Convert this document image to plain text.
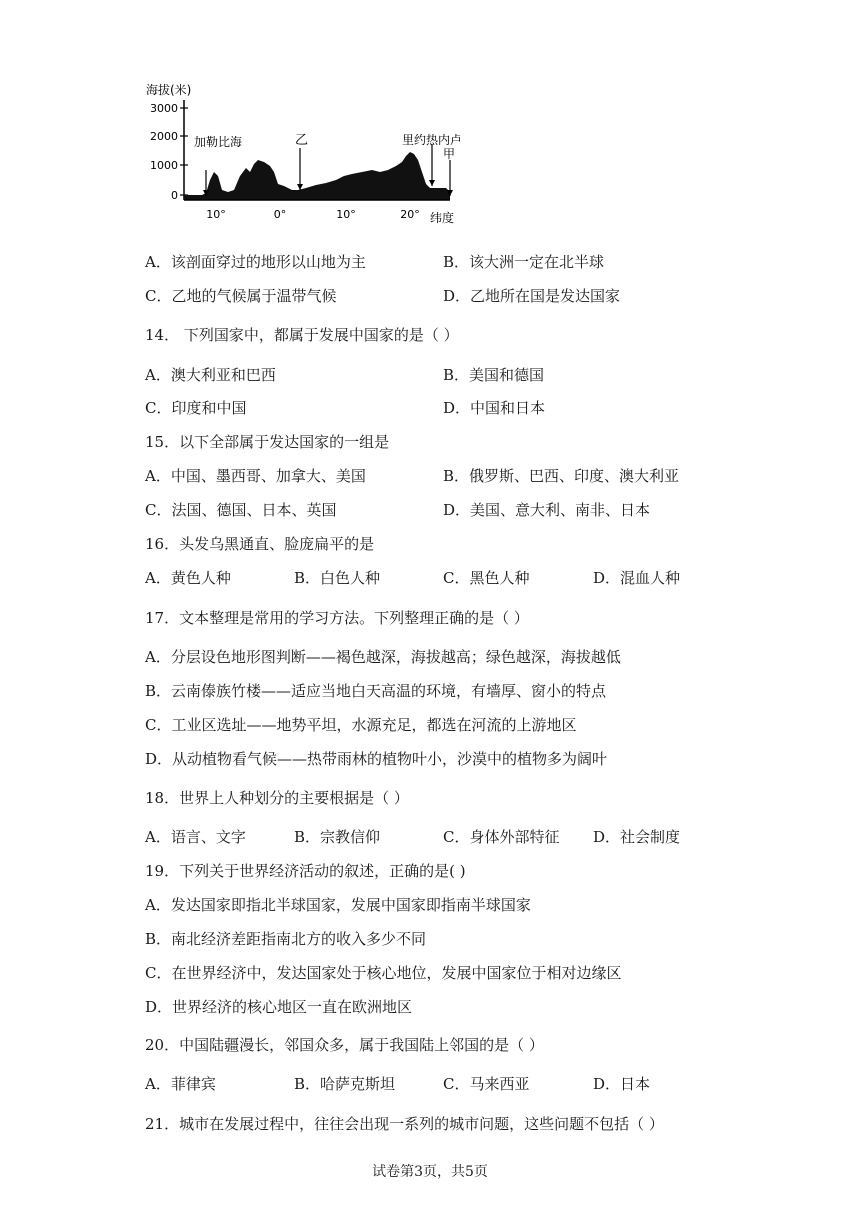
海拔(米)
3000
2000
1000
0
加勒比海	乙	里约热内卢
甲
10°	0°	10°	20° 纬度
A．该剖面穿过的地形以山地为主	B．该大洲一定在北半球
C．乙地的气候属于温带气候	D．乙地所在国是发达国家
14． 下列国家中，都属于发展中国家的是（ ）
A．澳大利亚和巴西	B．美国和德国
C．印度和中国	D．中国和日本
15．以下全部属于发达国家的一组是
A．中国、墨西哥、加拿大、美国	B．俄罗斯、巴西、印度、澳大利亚
C．法国、德国、日本、英国	D．美国、意大利、南非、日本
16．头发乌黑通直、脸庞扁平的是
A．黄色人种	B．白色人种	C．黑色人种	D．混血人种
17．文本整理是常用的学习方法。下列整理正确的是（ ）
A．分层设色地形图判断——褐色越深，海拔越高；绿色越深，海拔越低
B．云南傣族竹楼——适应当地白天高温的环境，有墙厚、窗小的特点
C．工业区选址——地势平坦，水源充足，都选在河流的上游地区
D．从动植物看气候——热带雨林的植物叶小，沙漠中的植物多为阔叶
18．世界上人种划分的主要根据是（ ）
A．语言、文字	B．宗教信仰	C．身体外部特征 D．社会制度
19．下列关于世界经济活动的叙述，正确的是( )
A．发达国家即指北半球国家，发展中国家即指南半球国家
B．南北经济差距指南北方的收入多少不同
C．在世界经济中，发达国家处于核心地位，发展中国家位于相对边缘区
D．世界经济的核心地区一直在欧洲地区
20．中国陆疆漫长，邻国众多，属于我国陆上邻国的是（ ）
A．菲律宾	B．哈萨克斯坦	C．马来西亚	D．日本
21．城市在发展过程中，往往会出现一系列的城市问题，这些问题不包括（ ）
试卷第3页，共5页
